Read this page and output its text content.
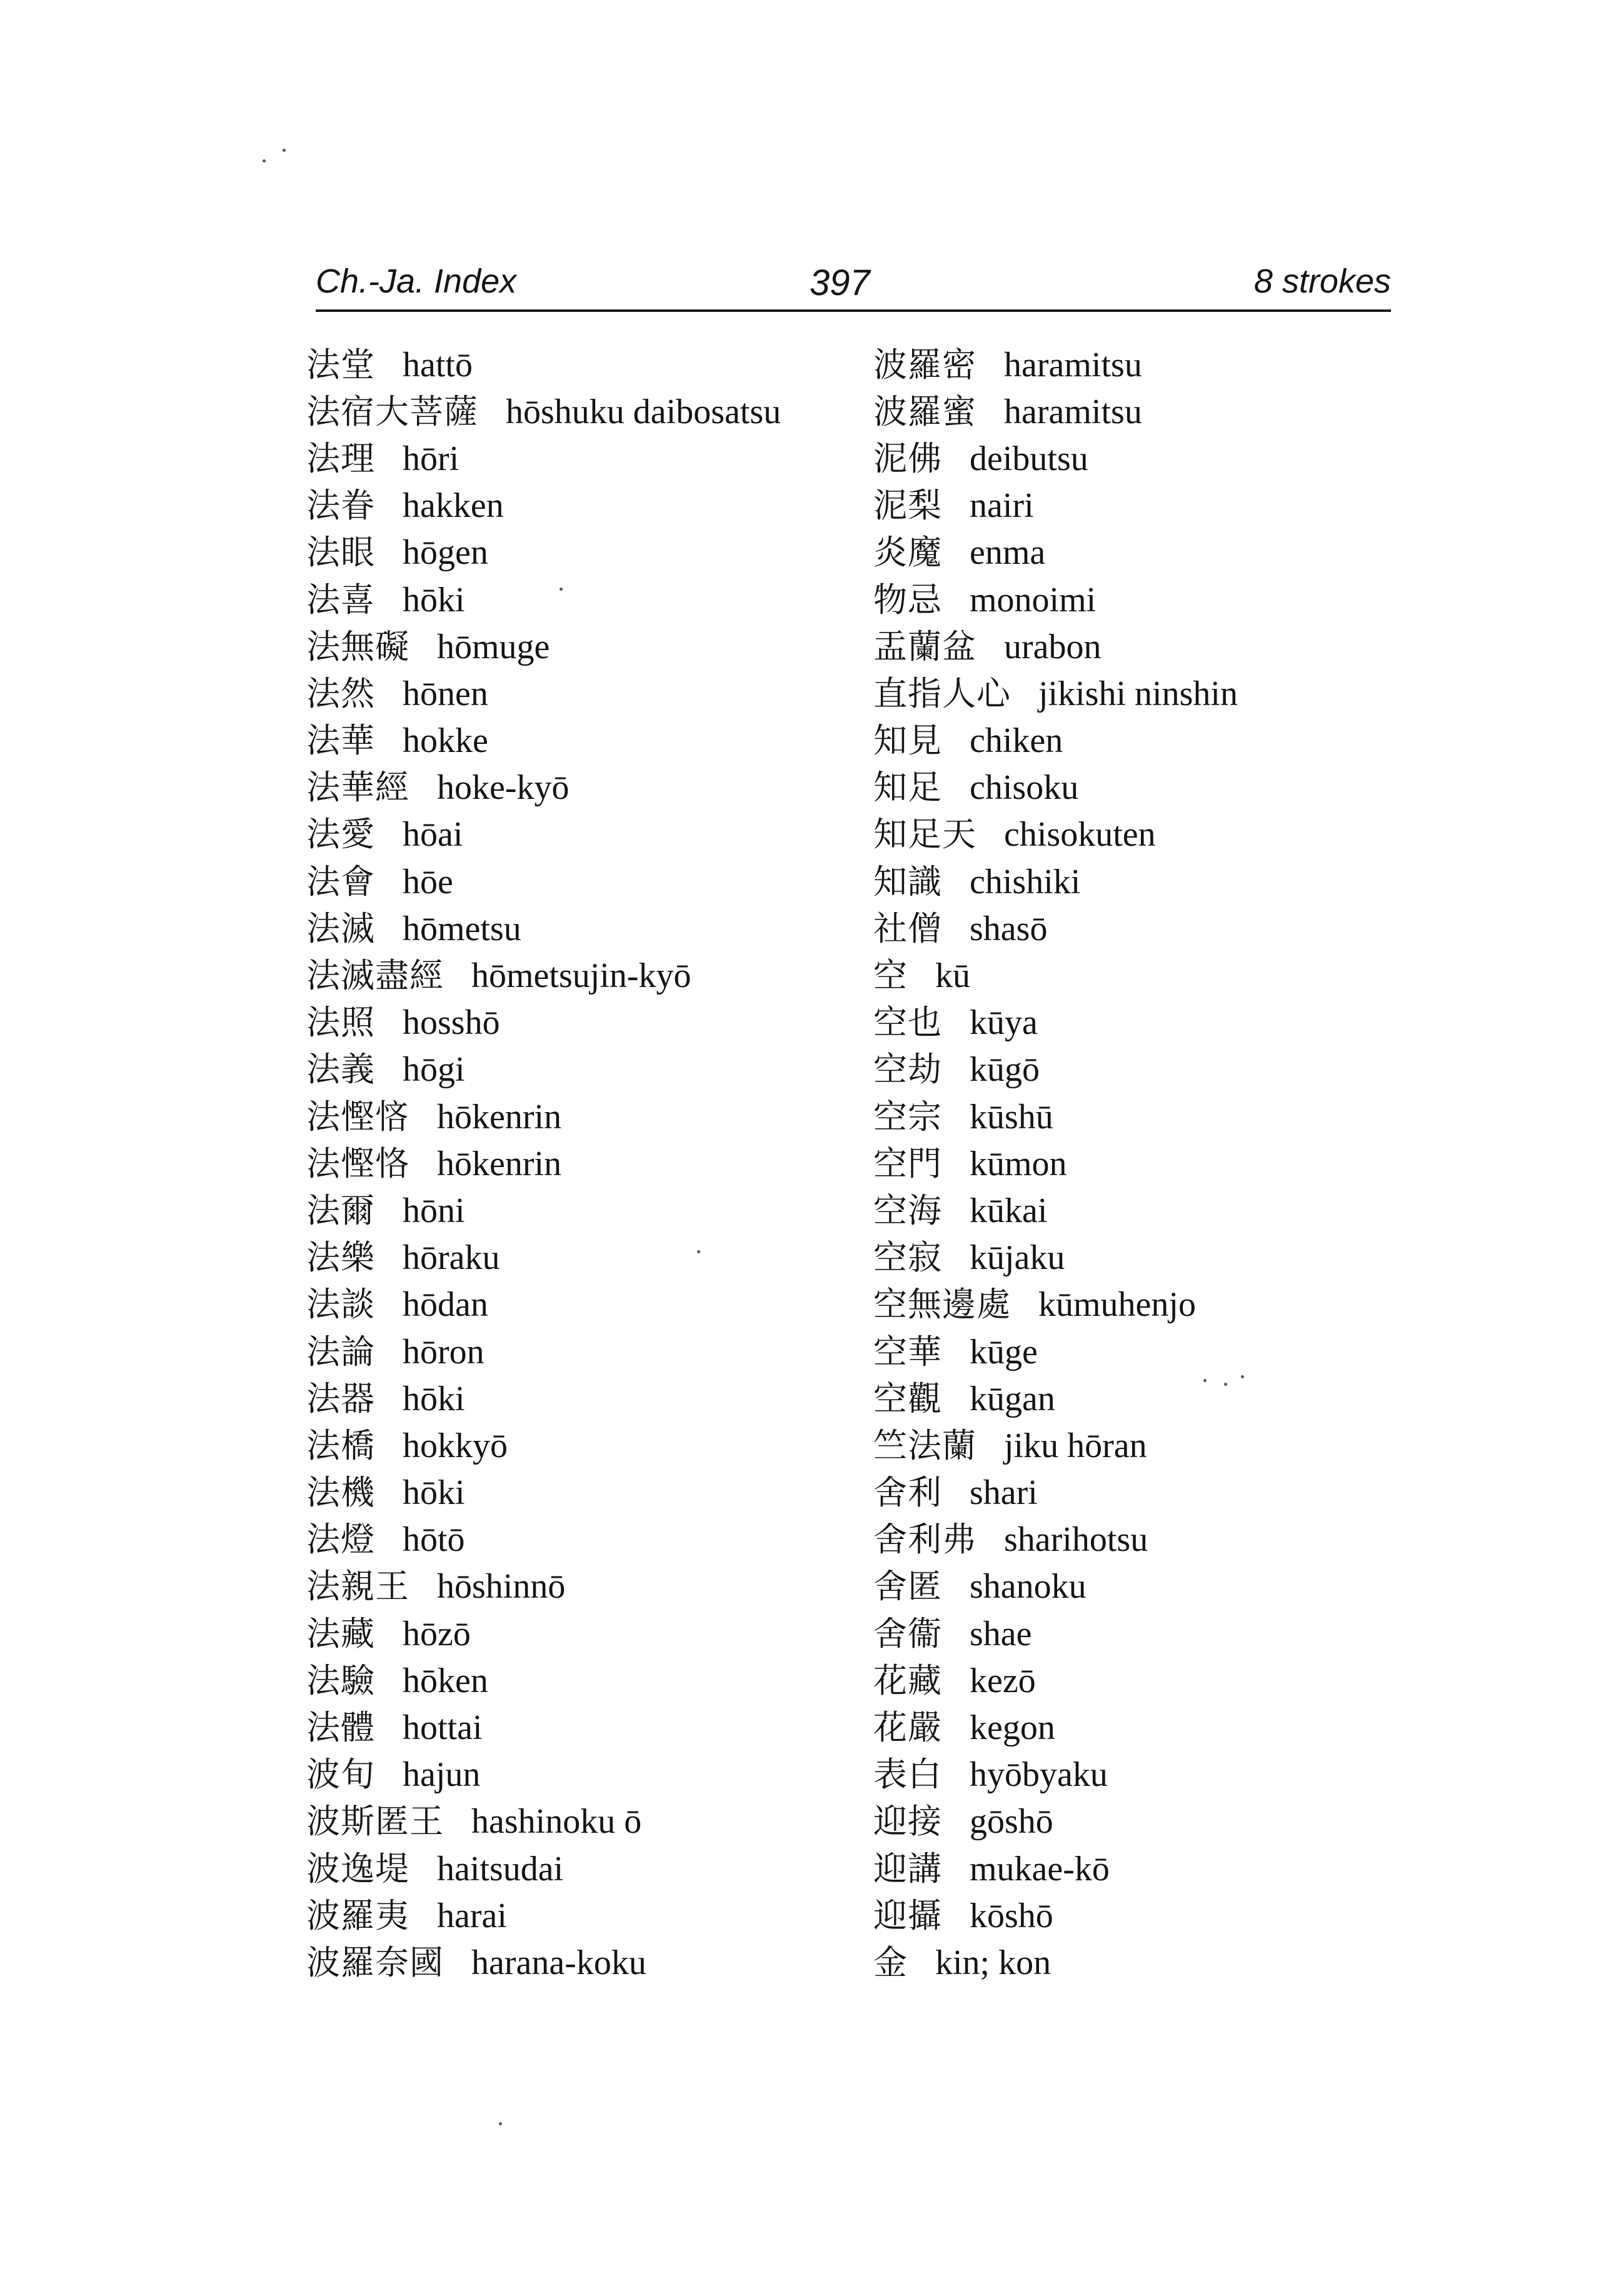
Ch.-Ja. Index	397	8 strokes
法堂 hattō
法宿大菩薩 hōshuku daibosatsu
法理 hōri
法眷 hakken
法眼 hōgen
法喜 hōki
法無礙 hōmuge
法然 hōnen
法華 hokke
法華經 hoke-kyō
法愛 hōai
法會 hōe
法滅 hōmetsu
法滅盡經 hōmetsujin-kyō
法照 hosshō
法義 hōgi
法慳悋 hōkenrin
法慳恪 hōkenrin
法爾 hōni
法樂 hōraku
法談 hōdan
法論 hōron
法器 hōki
法橋 hokkyō
法機 hōki
法燈 hōtō
法親王 hōshinnō
法藏 hōzō
法驗 hōken
法體 hottai
波旬 hajun
波斯匿王 hashinoku ō
波逸堤 haitsudai
波羅夷 harai
波羅奈國 harana-koku
波羅密 haramitsu
波羅蜜 haramitsu
泥佛 deibutsu
泥梨 nairi
炎魔 enma
物忌 monoimi
盂蘭盆 urabon
直指人心 jikishi ninshin
知見 chiken
知足 chisoku
知足天 chisokuten
知識 chishiki
社僧 shasō
空 kū
空也 kūya
空劫 kūgō
空宗 kūshū
空門 kūmon
空海 kūkai
空寂 kūjaku
空無邊處 kūmuhenjo
空華 kūge
空觀 kūgan
竺法蘭 jiku hōran
舍利 shari
舍利弗 sharihotsu
舍匿 shanoku
舍衞 shae
花藏 kezō
花嚴 kegon
表白 hyōbyaku
迎接 gōshō
迎講 mukae-kō
迎攝 kōshō
金 kin; kon
